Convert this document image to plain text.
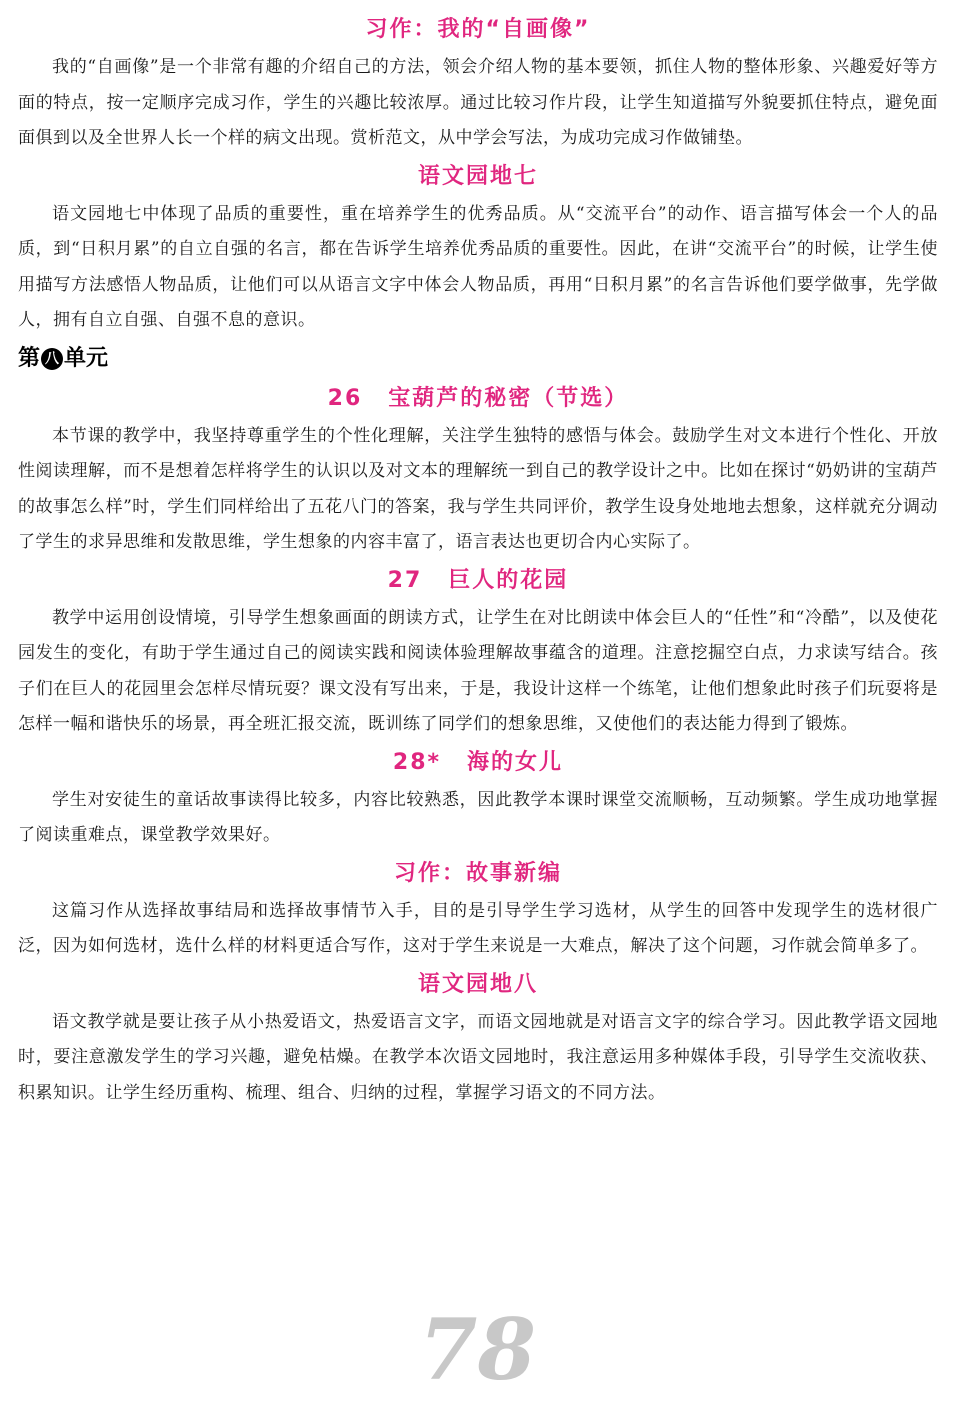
习作：我的“自画像”

我的“自画像”是一个非常有趣的介绍自己的方法，领会介绍人物的基本要领，抓住人物的整体形象、兴趣爱好等方面的特点，按一定顺序完成习作，学生的兴趣比较浓厚。通过比较习作片段，让学生知道描写外貌要抓住特点，避免面面俱到以及全世界人长一个样的病文出现。赏析范文，从中学会写法，为成功完成习作做铺垫。

语文园地七

语文园地七中体现了品质的重要性，重在培养学生的优秀品质。从“交流平台”的动作、语言描写体会一个人的品质，到“日积月累”的自立自强的名言，都在告诉学生培养优秀品质的重要性。因此，在讲“交流平台”的时候，让学生使用描写方法感悟人物品质，让他们可以从语言文字中体会人物品质，再用“日积月累”的名言告诉他们要学做事，先学做人，拥有自立自强、自强不息的意识。

第 八 单元
26 宝葫芦的秘密（节选）

本节课的教学中，我坚持尊重学生的个性化理解，关注学生独特的感悟与体会。鼓励学生对文本进行个性化、开放性阅读理解，而不是想着怎样将学生的认识以及对文本的理解统一到自己的教学设计之中。比如在探讨“奶奶讲的宝葫芦的故事怎么样”时，学生们同样给出了五花八门的答案，我与学生共同评价，教学生设身处地地去想象，这样就充分调动了学生的求异思维和发散思维，学生想象的内容丰富了，语言表达也更切合内心实际了。

27 巨人的花园

教学中运用创设情境，引导学生想象画面的朗读方式，让学生在对比朗读中体会巨人的“任性”和“冷酷”，以及使花园发生的变化，有助于学生通过自己的阅读实践和阅读体验理解故事蕴含的道理。注意挖掘空白点，力求读写结合。孩子们在巨人的花园里会怎样尽情玩耍？课文没有写出来，于是，我设计这样一个练笔，让他们想象此时孩子们玩耍将是怎样一幅和谐快乐的场景，再全班汇报交流，既训练了同学们的想象思维，又使他们的表达能力得到了锻炼。

28* 海的女儿

学生对安徒生的童话故事读得比较多，内容比较熟悉，因此教学本课时课堂交流顺畅，互动频繁。学生成功地掌握了阅读重难点，课堂教学效果好。

习作：故事新编

这篇习作从选择故事结局和选择故事情节入手，目的是引导学生学习选材，从学生的回答中发现学生的选材很广泛，因为如何选材，选什么样的材料更适合写作，这对于学生来说是一大难点，解决了这个问题，习作就会简单多了。

语文园地八

语文教学就是要让孩子从小热爱语文，热爱语言文字，而语文园地就是对语言文字的综合学习。因此教学语文园地时，要注意激发学生的学习兴趣，避免枯燥。在教学本次语文园地时，我注意运用多种媒体手段，引导学生交流收获、积累知识。让学生经历重构、梳理、组合、归纳的过程，掌握学习语文的不同方法。

78
